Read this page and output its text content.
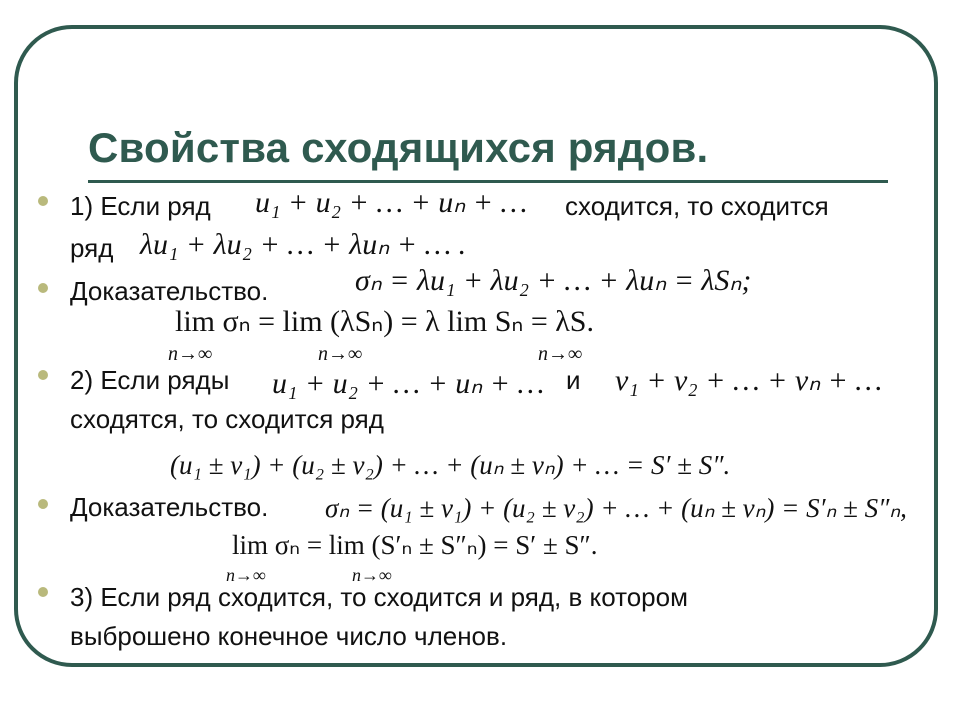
Свойства сходящихся рядов.
1) Если ряд u₁ + u₂ + … + uₙ + … сходится, то сходится
ряд λu₁ + λu₂ + … + λuₙ + … .
Доказательство.	σₙ = λu₁ + λu₂ + … + λuₙ = λSₙ;
lim σₙ = lim (λSₙ) = λ lim Sₙ = λS.
n→∞	n→∞	n→∞
2) Если ряды u₁ + u₂ + … + uₙ + … и v₁ + v₂ + … + vₙ + …
сходятся, то сходится ряд
(u₁ ± v₁) + (u₂ ± v₂) + … + (uₙ ± vₙ) + … = S′ ± S″.
Доказательство. σₙ = (u₁ ± v₁) + (u₂ ± v₂) + … + (uₙ ± vₙ) = S′ₙ ± S″ₙ,
lim σₙ = lim (S′ₙ ± S″ₙ) = S′ ± S″.
n→∞	n→∞
3) Если ряд сходится, то сходится и ряд, в котором
выброшено конечное число членов.
